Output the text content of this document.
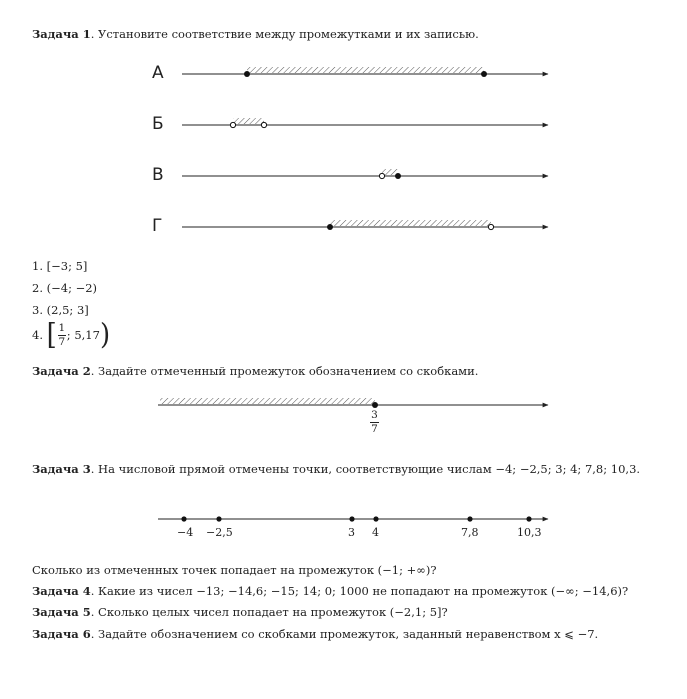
Задача 1. Установите соответствие между промежутками и их записью.
А
Б
В
Г
1. [−3; 5]
2. (−4; −2)
3. (2,5; 3]
4.
[ 1
7 ; 5,17 )
Задача 2. Задайте отмеченный промежуток обозначением со скобками.
3
7
Задача 3. На числовой прямой отмечены точки, соответствующие числам −4; −2,5; 3; 4; 7,8; 10,3.
−4 −2,5	3 4	7,8	10,3
Сколько из отмеченных точек попадает на промежуток (−1; +∞)?
Задача 4. Какие из чисел −13; −14,6; −15; 14; 0; 1000 не попадают на промежуток (−∞; −14,6)?
Задача 5. Сколько целых чисел попадает на промежуток (−2,1; 5]?
Задача 6. Задайте обозначением со скобками промежуток, заданный неравенством x ⩽ −7.
